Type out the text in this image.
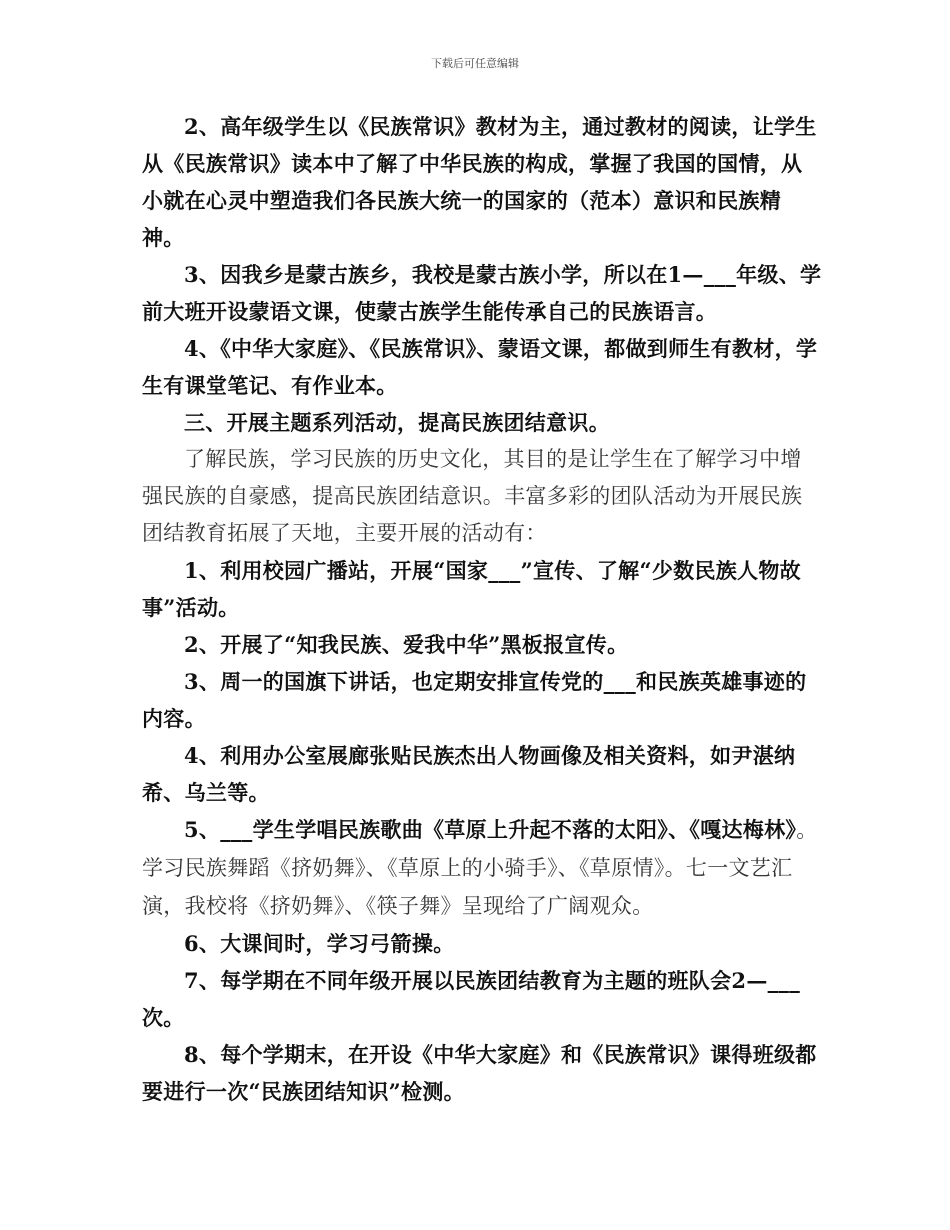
下载后可任意编辑

2、高年级学生以《民族常识》教材为主，通过教材的阅读，让学生从《民族常识》读本中了解了中华民族的构成，掌握了我国的国情，从小就在心灵中塑造我们各民族大统一的国家的（范本）意识和民族精神。

3、因我乡是蒙古族乡，我校是蒙古族小学，所以在1—___年级、学前大班开设蒙语文课，使蒙古族学生能传承自己的民族语言。

4、《中华大家庭》、《民族常识》、蒙语文课，都做到师生有教材，学生有课堂笔记、有作业本。

三、开展主题系列活动，提高民族团结意识。

了解民族，学习民族的历史文化，其目的是让学生在了解学习中增强民族的自豪感，提高民族团结意识。丰富多彩的团队活动为开展民族团结教育拓展了天地，主要开展的活动有：

1、利用校园广播站，开展“国家___”宣传、了解“少数民族人物故事”活动。

2、开展了“知我民族、爱我中华”黑板报宣传。

3、周一的国旗下讲话，也定期安排宣传党的___和民族英雄事迹的内容。

4、利用办公室展廊张贴民族杰出人物画像及相关资料，如尹湛纳希、乌兰等。

5、___学生学唱民族歌曲《草原上升起不落的太阳》、《嘎达梅林》。学习民族舞蹈《挤奶舞》、《草原上的小骑手》、《草原情》。七一文艺汇演，我校将《挤奶舞》、《筷子舞》呈现给了广阔观众。

6、大课间时，学习弓箭操。

7、每学期在不同年级开展以民族团结教育为主题的班队会2—___次。

8、每个学期末，在开设《中华大家庭》和《民族常识》课得班级都要进行一次“民族团结知识”检测。
